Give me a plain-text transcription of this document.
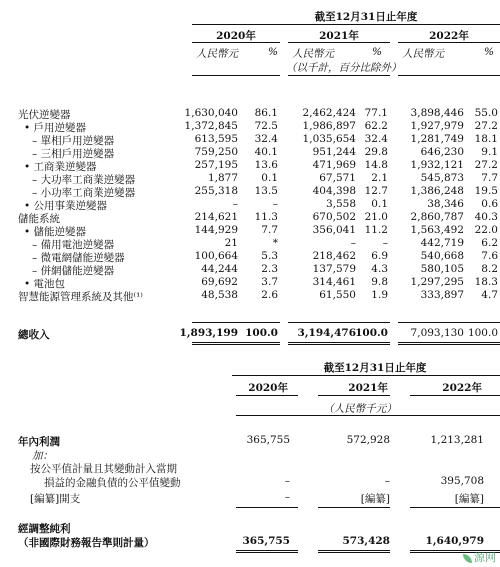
截至12月31日止年度
2020年	2021年	2022年
人民幣元	% 人民幣元	% 人民幣元	%
（以千計，百分比除外）
光伏逆變器	1,630,040 86.1 2,462,424 77.1 3,898,446 55.0
• 戶用逆變器	1,372,845 72.5 1,986,897 62.2 1,927,979 27.2
– 單相戶用逆變器	613,595 32.4 1,035,654 32.4 1,281,749 18.1
– 三相戶用逆變器	759,250 40.1	951,244 29.8	646,230 9.1
• 工商業逆變器	257,195 13.6	471,969 14.8 1,932,121 27.2
– 大功率工商業逆變器	1,877 0.1	67,571 2.1	545,873 7.7
– 小功率工商業逆變器	255,318 13.5	404,398 12.7 1,386,248 19.5
• 公用事業逆變器	–	–	3,558 0.1	38,346 0.6
儲能系統	214,621 11.3	670,502 21.0 2,860,787 40.3
• 儲能逆變器	144,929 7.7	356,041 11.2 1,563,492 22.0
– 備用電池逆變器	21	*	–	–	442,719 6.2
– 微電網儲能逆變器	100,664 5.3	218,462 6.9	540,668 7.6
– 併網儲能逆變器	44,244 2.3	137,579 4.3	580,105 8.2
• 電池包	69,692 3.7	314,461 9.8 1,297,295 18.3
智慧能源管理系統及其他⁽¹⁾	48,538 2.6	61,550 1.9	333,897 4.7
總收入	1,893,199 100.0 3,194,476 100.0 7,093,130 100.0
截至12月31日止年度
2020年	2021年	2022年
（人民幣千元）
年內利潤	365,755	572,928	1,213,281
加：
按公平值計量且其變動計入當期
損益的金融負債的公平值變動	–	–	395,708
[編纂]開支	–	[編纂]	[編纂]
經調整純利
（非國際財務報告準則計量）	365,755	573,428	1,640,979
源网
